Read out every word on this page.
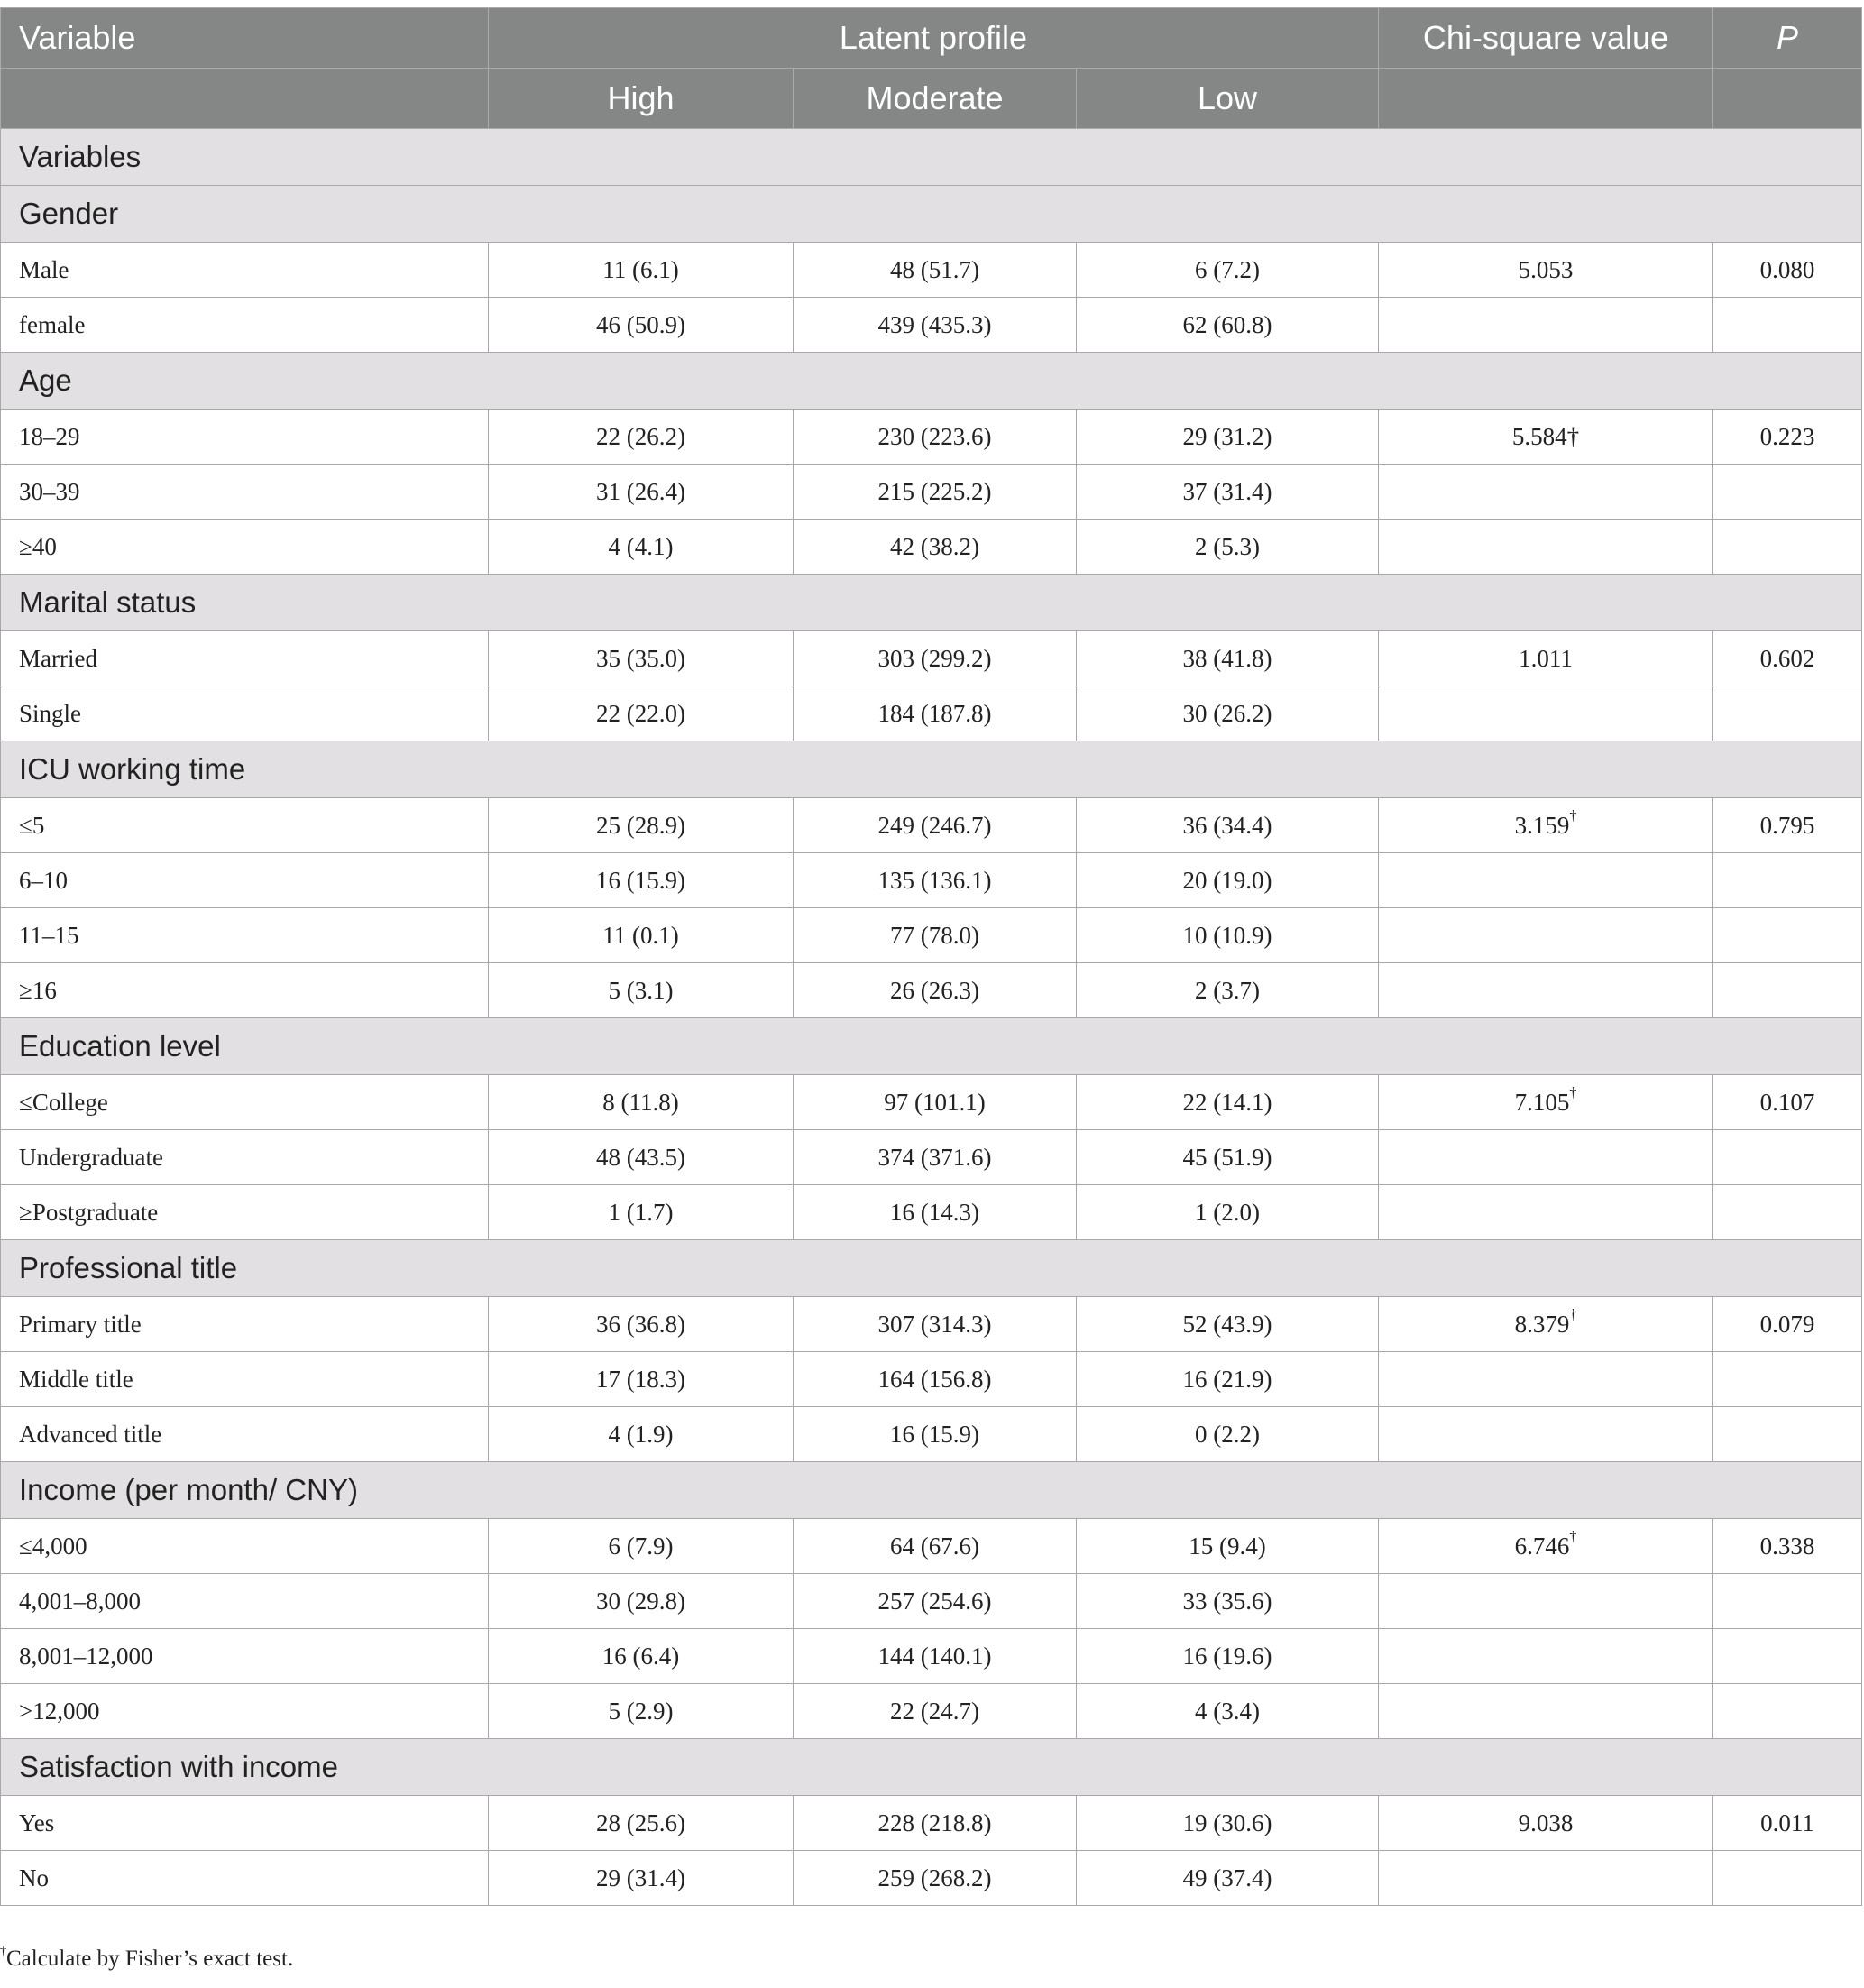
Variable	Latent profile			Chi-square value	P
	High	Moderate	Low		
Variables					
Gender					
Male	11 (6.1)	48 (51.7)	6 (7.2)	5.053	0.080
female	46 (50.9)	439 (435.3)	62 (60.8)		
Age					
18–29	22 (26.2)	230 (223.6)	29 (31.2)	5.584†	0.223
30–39	31 (26.4)	215 (225.2)	37 (31.4)		
≥40	4 (4.1)	42 (38.2)	2 (5.3)		
Marital status					
Married	35 (35.0)	303 (299.2)	38 (41.8)	1.011	0.602
Single	22 (22.0)	184 (187.8)	30 (26.2)		
ICU working time					
≤5	25 (28.9)	249 (246.7)	36 (34.4)	3.159†	0.795
6–10	16 (15.9)	135 (136.1)	20 (19.0)		
11–15	11 (0.1)	77 (78.0)	10 (10.9)		
≥16	5 (3.1)	26 (26.3)	2 (3.7)		
Education level					
≤College	8 (11.8)	97 (101.1)	22 (14.1)	7.105†	0.107
Undergraduate	48 (43.5)	374 (371.6)	45 (51.9)		
≥Postgraduate	1 (1.7)	16 (14.3)	1 (2.0)		
Professional title					
Primary title	36 (36.8)	307 (314.3)	52 (43.9)	8.379†	0.079
Middle title	17 (18.3)	164 (156.8)	16 (21.9)		
Advanced title	4 (1.9)	16 (15.9)	0 (2.2)		
Income (per month/ CNY)					
≤4,000	6 (7.9)	64 (67.6)	15 (9.4)	6.746†	0.338
4,001–8,000	30 (29.8)	257 (254.6)	33 (35.6)		
8,001–12,000	16 (6.4)	144 (140.1)	16 (19.6)		
>12,000	5 (2.9)	22 (24.7)	4 (3.4)		
Satisfaction with income					
Yes	28 (25.6)	228 (218.8)	19 (30.6)	9.038	0.011
No	29 (31.4)	259 (268.2)	49 (37.4)		
†Calculate by Fisher’s exact test.
